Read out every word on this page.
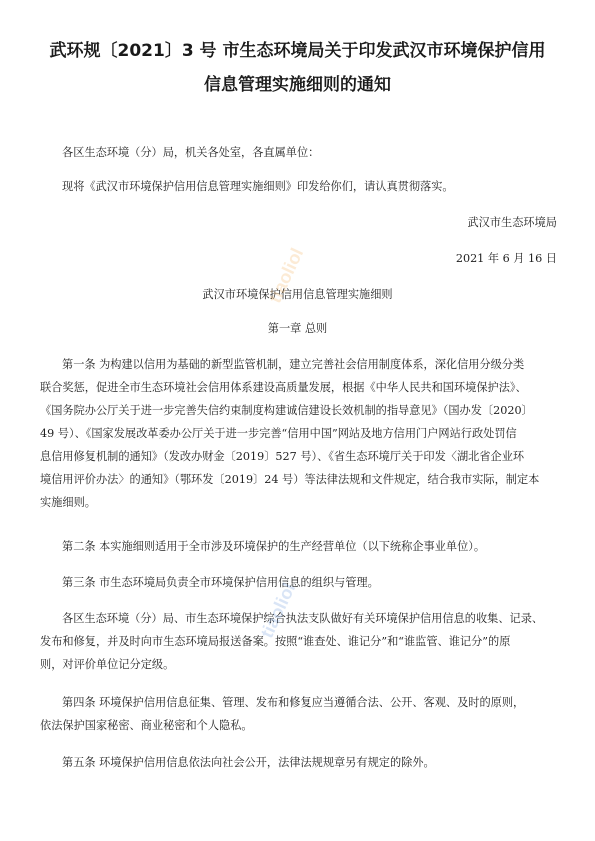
武环规〔2021〕3 号 市生态环境局关于印发武汉市环境保护信用
信息管理实施细则的通知
各区生态环境（分）局，机关各处室，各直属单位：
现将《武汉市环境保护信用信息管理实施细则》印发给你们，请认真贯彻落实。
武汉市生态环境局
2021 年 6 月 16 日
武汉市环境保护信用信息管理实施细则
第一章 总则
第一条 为构建以信用为基础的新型监管机制，建立完善社会信用制度体系，深化信用分级分类
联合奖惩，促进全市生态环境社会信用体系建设高质量发展，根据《中华人民共和国环境保护法》、
《国务院办公厅关于进一步完善失信约束制度构建诚信建设长效机制的指导意见》（国办发〔2020〕
49 号）、《国家发展改革委办公厅关于进一步完善“信用中国”网站及地方信用门户网站行政处罚信
息信用修复机制的通知》（发改办财金〔2019〕527 号）、《省生态环境厅关于印发〈湖北省企业环
境信用评价办法〉的通知》（鄂环发〔2019〕24 号）等法律法规和文件规定，结合我市实际，制定本
实施细则。
第二条 本实施细则适用于全市涉及环境保护的生产经营单位（以下统称企事业单位）。
第三条 市生态环境局负责全市环境保护信用信息的组织与管理。
各区生态环境（分）局、市生态环境保护综合执法支队做好有关环境保护信用信息的收集、记录、
发布和修复，并及时向市生态环境局报送备案。按照“谁查处、谁记分”和“谁监管、谁记分”的原
则，对评价单位记分定级。
第四条 环境保护信用信息征集、管理、发布和修复应当遵循合法、公开、客观、及时的原则，
依法保护国家秘密、商业秘密和个人隐私。
第五条 环境保护信用信息依法向社会公开，法律法规规章另有规定的除外。
tiaoliol
tiaoliol
